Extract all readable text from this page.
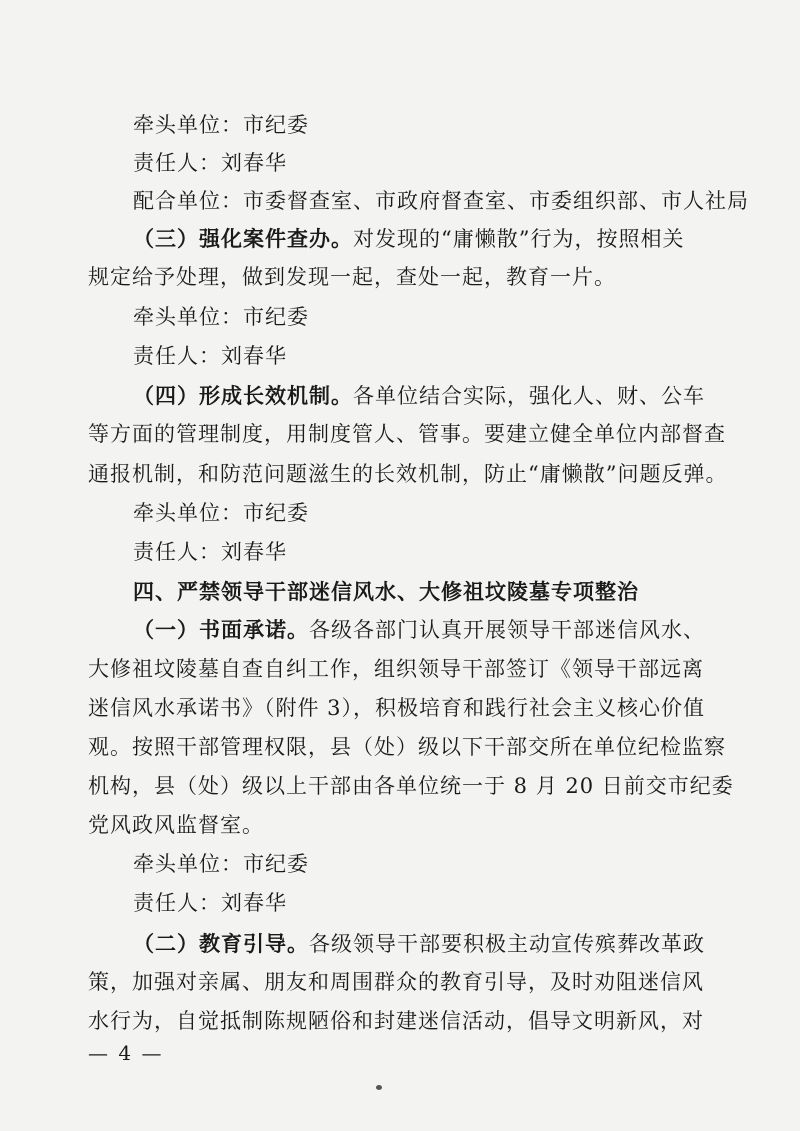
牵头单位：市纪委
责任人：刘春华
配合单位：市委督查室、市政府督查室、市委组织部、市人社局
（三）强化案件查办。对发现的“庸懒散”行为，按照相关
规定给予处理，做到发现一起，查处一起，教育一片。
牵头单位：市纪委
责任人：刘春华
（四）形成长效机制。各单位结合实际，强化人、财、公车
等方面的管理制度，用制度管人、管事。要建立健全单位内部督查
通报机制，和防范问题滋生的长效机制，防止“庸懒散”问题反弹。
牵头单位：市纪委
责任人：刘春华
四、严禁领导干部迷信风水、大修祖坟陵墓专项整治
（一）书面承诺。各级各部门认真开展领导干部迷信风水、
大修祖坟陵墓自查自纠工作，组织领导干部签订《领导干部远离
迷信风水承诺书》（附件 3），积极培育和践行社会主义核心价值
观。按照干部管理权限，县（处）级以下干部交所在单位纪检监察
机构，县（处）级以上干部由各单位统一于 8 月 20 日前交市纪委
党风政风监督室。
牵头单位：市纪委
责任人：刘春华
（二）教育引导。各级领导干部要积极主动宣传殡葬改革政
策，加强对亲属、朋友和周围群众的教育引导，及时劝阻迷信风
水行为，自觉抵制陈规陋俗和封建迷信活动，倡导文明新风，对
— 4 —
